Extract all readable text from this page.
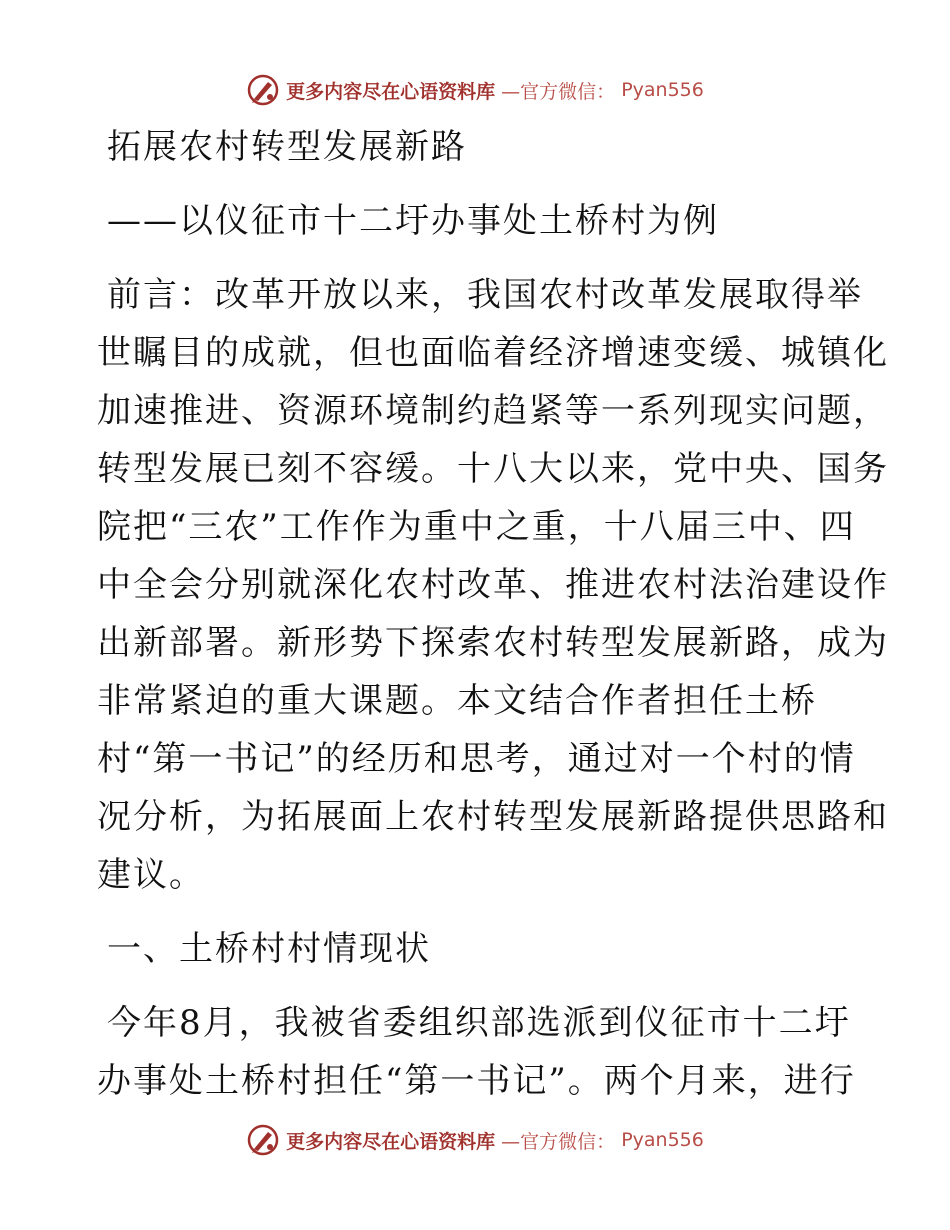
更多内容尽在心语资料库 —官方微信： Pyan556
拓展农村转型发展新路
——以仪征市十二圩办事处土桥村为例
前言：改革开放以来，我国农村改革发展取得举
世瞩目的成就，但也面临着经济增速变缓、城镇化
加速推进、资源环境制约趋紧等一系列现实问题，
转型发展已刻不容缓。十八大以来，党中央、国务
院把“三农”工作作为重中之重，十八届三中、四
中全会分别就深化农村改革、推进农村法治建设作
出新部署。新形势下探索农村转型发展新路，成为
非常紧迫的重大课题。本文结合作者担任土桥
村“第一书记”的经历和思考，通过对一个村的情
况分析，为拓展面上农村转型发展新路提供思路和
建议。
一、土桥村村情现状
今年8月，我被省委组织部选派到仪征市十二圩
办事处土桥村担任“第一书记”。两个月来，进行
更多内容尽在心语资料库 —官方微信： Pyan556
